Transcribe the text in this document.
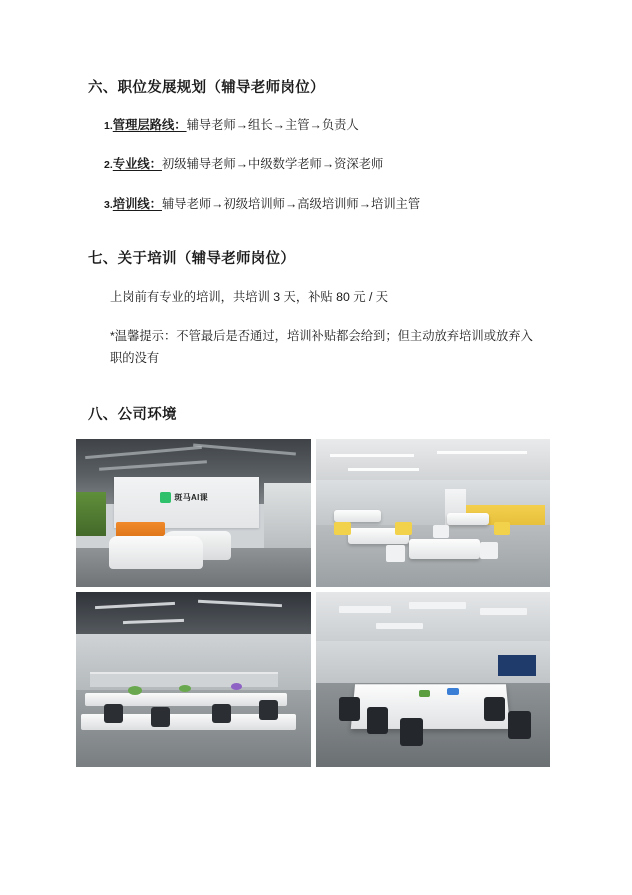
六、职位发展规划（辅导老师岗位）
1.管理层路线：辅导老师→组长→主管→负责人
2.专业线：初级辅导老师→中级数学老师→资深老师
3.培训线：辅导老师→初级培训师→高级培训师→培训主管
七、关于培训（辅导老师岗位）

上岗前有专业的培训，共培训 3 天，补贴 80 元 / 天

*温馨提示：不管最后是否通过，培训补贴都会给到；但主动放弃培训或放弃入
职的没有

八、公司环境
斑马AI课
